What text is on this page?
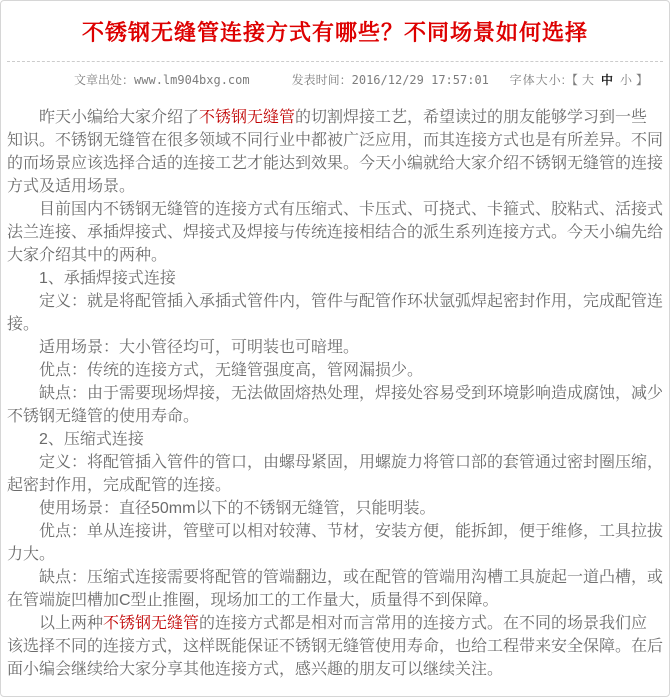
不锈钢无缝管连接方式有哪些？不同场景如何选择
文章出处：www.lm904bxg.com	发表时间：2016/12/29 17:57:01 字体大小:【 大 中 小 】

昨天小编给大家介绍了不锈钢无缝管的切割焊接工艺，希望读过的朋友能够学习到一些知识。不锈钢无缝管在很多领域不同行业中都被广泛应用，而其连接方式也是有所差异。不同的而场景应该选择合适的连接工艺才能达到效果。今天小编就给大家介绍不锈钢无缝管的连接方式及适用场景。

目前国内不锈钢无缝管的连接方式有压缩式、卡压式、可挠式、卡箍式、胶粘式、活接式法兰连接、承插焊接式、焊接式及焊接与传统连接相结合的派生系列连接方式。今天小编先给大家介绍其中的两种。

1、承插焊接式连接

定义：就是将配管插入承插式管件内，管件与配管作环状氩弧焊起密封作用，完成配管连接。

适用场景：大小管径均可，可明装也可暗埋。

优点：传统的连接方式，无缝管强度高，管网漏损少。

缺点：由于需要现场焊接，无法做固熔热处理，焊接处容易受到环境影响造成腐蚀，减少不锈钢无缝管的使用寿命。

2、压缩式连接

定义：将配管插入管件的管口，由螺母紧固，用螺旋力将管口部的套管通过密封圈压缩，起密封作用，完成配管的连接。

使用场景：直径50mm以下的不锈钢无缝管，只能明装。

优点：单从连接讲，管壁可以相对较薄、节材，安装方便，能拆卸，便于维修，工具拉拔力大。

缺点：压缩式连接需要将配管的管端翻边，或在配管的管端用沟槽工具旋起一道凸槽，或在管端旋凹槽加C型止推圈，现场加工的工作量大，质量得不到保障。

以上两种不锈钢无缝管的连接方式都是相对而言常用的连接方式。在不同的场景我们应该选择不同的连接方式，这样既能保证不锈钢无缝管使用寿命，也给工程带来安全保障。在后面小编会继续给大家分享其他连接方式，感兴趣的朋友可以继续关注。
